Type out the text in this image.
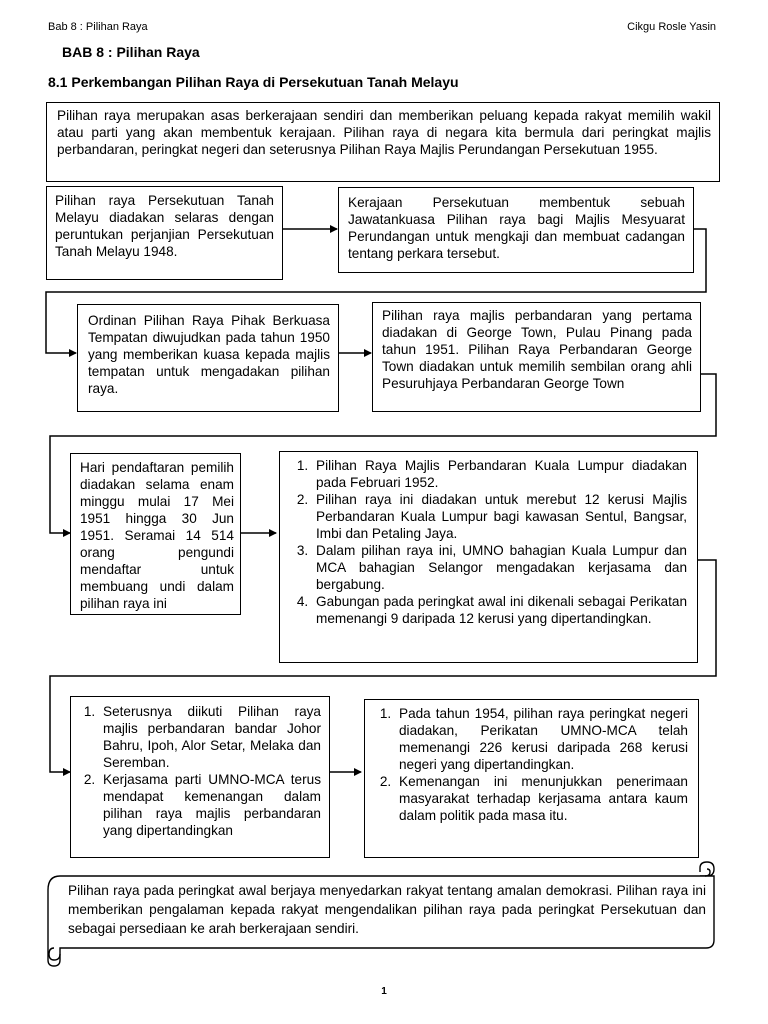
Bab 8 : Pilihan Raya	Cikgu Rosle Yasin
BAB 8 : Pilihan Raya
8.1 Perkembangan Pilihan Raya di Persekutuan Tanah Melayu
Pilihan raya merupakan asas berkerajaan sendiri dan memberikan peluang kepada rakyat memilih wakil atau parti yang akan membentuk kerajaan. Pilihan raya di negara kita bermula dari peringkat majlis perbandaran, peringkat negeri dan seterusnya Pilihan Raya Majlis Perundangan Persekutuan 1955.
Pilihan raya Persekutuan Tanah Melayu diadakan selaras dengan peruntukan perjanjian Persekutuan Tanah Melayu 1948.
Kerajaan Persekutuan membentuk sebuah Jawatankuasa Pilihan raya bagi Majlis Mesyuarat Perundangan untuk mengkaji dan membuat cadangan tentang perkara tersebut.
Ordinan Pilihan Raya Pihak Berkuasa Tempatan diwujudkan pada tahun 1950 yang memberikan kuasa kepada majlis tempatan untuk mengadakan pilihan raya.
Pilihan raya majlis perbandaran yang pertama diadakan di George Town, Pulau Pinang pada tahun 1951. Pilihan Raya Perbandaran George Town diadakan untuk memilih sembilan orang ahli Pesuruhjaya Perbandaran George Town
Hari pendaftaran pemilih diadakan selama enam minggu mulai 17 Mei 1951 hingga 30 Jun 1951. Seramai 14 514 orang pengundi mendaftar untuk membuang undi dalam pilihan raya ini
1. Pilihan Raya Majlis Perbandaran Kuala Lumpur diadakan pada Februari 1952.
2. Pilihan raya ini diadakan untuk merebut 12 kerusi Majlis Perbandaran Kuala Lumpur bagi kawasan Sentul, Bangsar, Imbi dan Petaling Jaya.
3. Dalam pilihan raya ini, UMNO bahagian Kuala Lumpur dan MCA bahagian Selangor mengadakan kerjasama dan bergabung.
4. Gabungan pada peringkat awal ini dikenali sebagai Perikatan memenangi 9 daripada 12 kerusi yang dipertandingkan.
1. Seterusnya diikuti Pilihan raya majlis perbandaran bandar Johor Bahru, Ipoh, Alor Setar, Melaka dan Seremban.
2. Kerjasama parti UMNO-MCA terus mendapat kemenangan dalam pilihan raya majlis perbandaran yang dipertandingkan
1. Pada tahun 1954, pilihan raya peringkat negeri diadakan, Perikatan UMNO-MCA telah memenangi 226 kerusi daripada 268 kerusi negeri yang dipertandingkan.
2. Kemenangan ini menunjukkan penerimaan masyarakat terhadap kerjasama antara kaum dalam politik pada masa itu.
Pilihan raya pada peringkat awal berjaya menyedarkan rakyat tentang amalan demokrasi. Pilihan raya ini memberikan pengalaman kepada rakyat mengendalikan pilihan raya pada peringkat Persekutuan dan sebagai persediaan ke arah berkerajaan sendiri.
1
